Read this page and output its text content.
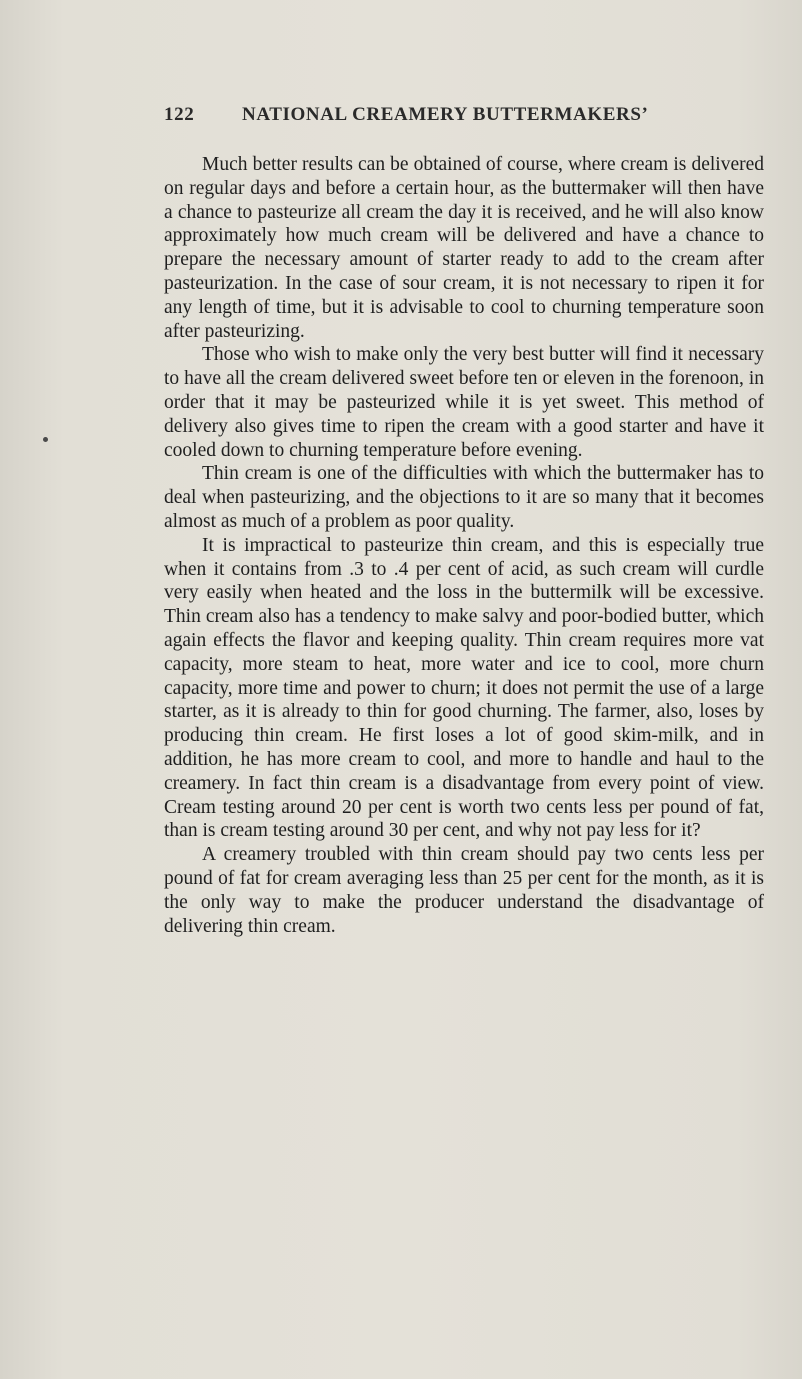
122	NATIONAL CREAMERY BUTTERMAKERS’

Much better results can be obtained of course, where cream is delivered on regular days and before a certain hour, as the buttermaker will then have a chance to pasteurize all cream the day it is received, and he will also know approximately how much cream will be delivered and have a chance to prepare the necessary amount of starter ready to add to the cream after pasteurization. In the case of sour cream, it is not necessary to ripen it for any length of time, but it is advisable to cool to churning temperature soon after pasteurizing.

Those who wish to make only the very best butter will find it necessary to have all the cream delivered sweet before ten or eleven in the forenoon, in order that it may be pasteurized while it is yet sweet. This method of delivery also gives time to ripen the cream with a good starter and have it cooled down to churning temperature before evening.

Thin cream is one of the difficulties with which the buttermaker has to deal when pasteurizing, and the objections to it are so many that it becomes almost as much of a problem as poor quality.

It is impractical to pasteurize thin cream, and this is especially true when it contains from .3 to .4 per cent of acid, as such cream will curdle very easily when heated and the loss in the buttermilk will be excessive. Thin cream also has a tendency to make salvy and poor-bodied butter, which again effects the flavor and keeping quality. Thin cream requires more vat capacity, more steam to heat, more water and ice to cool, more churn capacity, more time and power to churn; it does not permit the use of a large starter, as it is already to thin for good churning. The farmer, also, loses by producing thin cream. He first loses a lot of good skim-milk, and in addition, he has more cream to cool, and more to handle and haul to the creamery. In fact thin cream is a disadvantage from every point of view. Cream testing around 20 per cent is worth two cents less per pound of fat, than is cream testing around 30 per cent, and why not pay less for it?

A creamery troubled with thin cream should pay two cents less per pound of fat for cream averaging less than 25 per cent for the month, as it is the only way to make the producer understand the disadvantage of delivering thin cream.
